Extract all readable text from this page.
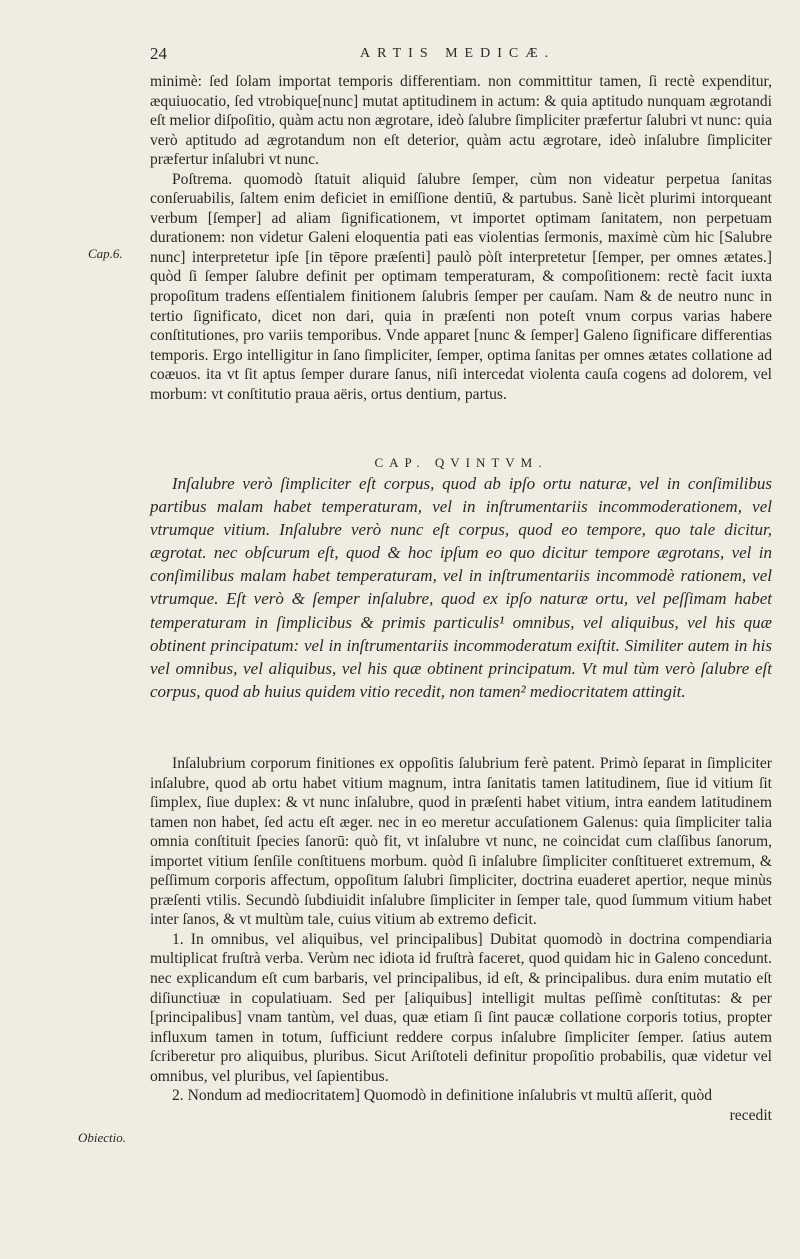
24	ARTIS MEDICÆ.
Cap.6.
Obiectio.

minimè: ſed ſolam importat temporis differentiam. non committitur tamen, ſi rectè expenditur, æquiuocatio, ſed vtrobique[nunc] mutat aptitudinem in actum: & quia aptitudo nunquam ægrotandi eſt melior diſpoſitio, quàm actu non ægrotare, ideò ſalubre ſimpliciter præfertur ſalubri vt nunc: quia verò aptitudo ad ægrotandum non eſt deterior, quàm actu ægrotare, ideò inſalubre ſimpliciter præfertur inſalubri vt nunc.

Poſtrema. quomodò ſtatuit aliquid ſalubre ſemper, cùm non videatur perpetua ſanitas conſeruabilis, ſaltem enim deficiet in emiſſione dentiū, & partubus. Sanè licèt plurimi intorqueant verbum [ſemper] ad aliam ſignificationem, vt importet optimam ſanitatem, non perpetuam durationem: non videtur Galeni eloquentia pati eas violentias ſermonis, maximè cùm hic [Salubre nunc] interpretetur ipſe [in tēpore præſenti] paulò pòſt interpretetur [ſemper, per omnes ætates.] quòd ſi ſemper ſalubre definit per optimam temperaturam, & compoſitionem: rectè facit iuxta propoſitum tradens eſſentialem finitionem ſalubris ſemper per cauſam. Nam & de neutro nunc in tertio ſignificato, dicet non dari, quia in præſenti non poteſt vnum corpus varias habere conſtitutiones, pro variis temporibus. Vnde apparet [nunc & ſemper] Galeno ſignificare differentias temporis. Ergo intelligitur in ſano ſimpliciter, ſemper, optima ſanitas per omnes ætates collatione ad coæuos. ita vt ſit aptus ſemper durare ſanus, niſi intercedat violenta cauſa cogens ad dolorem, vel morbum: vt conſtitutio praua aëris, ortus dentium, partus.

CAP. QVINTVM.

Inſalubre verò ſimpliciter eſt corpus, quod ab ipſo ortu naturæ, vel in conſimilibus partibus malam habet temperaturam, vel in inſtrumentariis incommoderationem, vel vtrumque vitium. Inſalubre verò nunc eſt corpus, quod eo tempore, quo tale dicitur, ægrotat. nec obſcurum eſt, quod & hoc ipſum eo quo dicitur tempore ægrotans, vel in conſimilibus malam habet temperaturam, vel in inſtrumentariis incommodè rationem, vel vtrumque. Eſt verò & ſemper inſalubre, quod ex ipſo naturæ ortu, vel peſſimam habet temperaturam in ſimplicibus & primis particulis¹ omnibus, vel aliquibus, vel his quæ obtinent principatum: vel in inſtrumentariis incommoderatum exiſtit. Similiter autem in his vel omnibus, vel aliquibus, vel his quæ obtinent principatum. Vt mul tùm verò ſalubre eſt corpus, quod ab huius quidem vitio recedit, non tamen² mediocritatem attingit.

Inſalubrium corporum finitiones ex oppoſitis ſalubrium ferè patent. Primò ſeparat in ſimpliciter inſalubre, quod ab ortu habet vitium magnum, intra ſanitatis tamen latitudinem, ſiue id vitium ſit ſimplex, ſiue duplex: & vt nunc inſalubre, quod in præſenti habet vitium, intra eandem latitudinem tamen non habet, ſed actu eſt æger. nec in eo meretur accuſationem Galenus: quia ſimpliciter talia omnia conſtituit ſpecies ſanorū: quò fit, vt inſalubre vt nunc, ne coincidat cum claſſibus ſanorum, importet vitium ſenſile conſtituens morbum. quòd ſi inſalubre ſimpliciter conſtitueret extremum, & peſſimum corporis affectum, oppoſitum ſalubri ſimpliciter, doctrina euaderet apertior, neque minùs præſenti vtilis. Secundò ſubdiuidit inſalubre ſimpliciter in ſemper tale, quod ſummum vitium habet inter ſanos, & vt multùm tale, cuius vitium ab extremo deficit.

1. In omnibus, vel aliquibus, vel principalibus] Dubitat quomodò in doctrina compendiaria multiplicat fruſtrà verba. Verùm nec idiota id fruſtrà faceret, quod quidam hic in Galeno concedunt. nec explicandum eſt cum barbaris, vel principalibus, id eſt, & principalibus. dura enim mutatio eſt diſiunctiuæ in copulatiuam. Sed per [aliquibus] intelligit multas peſſimè conſtitutas: & per [principalibus] vnam tantùm, vel duas, quæ etiam ſi ſint paucæ collatione corporis totius, propter influxum tamen in totum, ſufficiunt reddere corpus inſalubre ſimpliciter ſemper. ſatius autem ſcriberetur pro aliquibus, pluribus. Sicut Ariſtoteli definitur propoſitio probabilis, quæ videtur vel omnibus, vel pluribus, vel ſapientibus.

2. Nondum ad mediocritatem] Quomodò in definitione inſalubris vt multū aſſerit, quòd

recedit
